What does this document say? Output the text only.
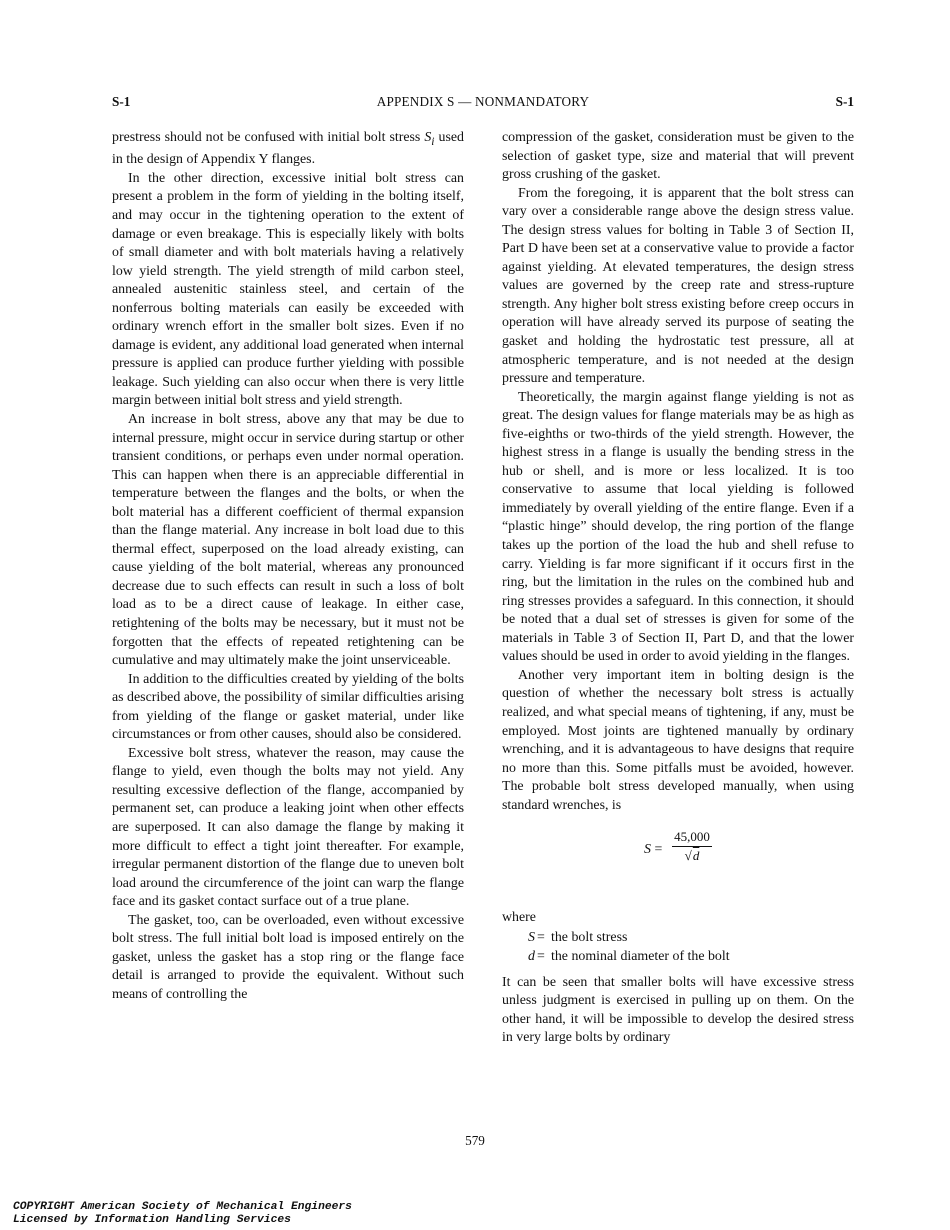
S-1	APPENDIX S — NONMANDATORY	S-1

prestress should not be confused with initial bolt stress $S_i$ used in the design of Appendix Y flanges.

In the other direction, excessive initial bolt stress can present a problem in the form of yielding in the bolting itself, and may occur in the tightening operation to the extent of damage or even breakage. This is especially likely with bolts of small diameter and with bolt materials having a relatively low yield strength. The yield strength of mild carbon steel, annealed austenitic stainless steel, and certain of the nonferrous bolting materials can easily be exceeded with ordinary wrench effort in the smaller bolt sizes. Even if no damage is evident, any additional load generated when internal pressure is applied can produce further yielding with possible leakage. Such yielding can also occur when there is very little margin between initial bolt stress and yield strength.

An increase in bolt stress, above any that may be due to internal pressure, might occur in service during startup or other transient conditions, or perhaps even under normal operation. This can happen when there is an appreciable differential in temperature between the flanges and the bolts, or when the bolt material has a different coefficient of thermal expansion than the flange material. Any increase in bolt load due to this thermal effect, superposed on the load already existing, can cause yielding of the bolt material, whereas any pronounced decrease due to such effects can result in such a loss of bolt load as to be a direct cause of leakage. In either case, retightening of the bolts may be necessary, but it must not be forgotten that the effects of repeated retightening can be cumulative and may ultimately make the joint unserviceable.

In addition to the difficulties created by yielding of the bolts as described above, the possibility of similar difficulties arising from yielding of the flange or gasket material, under like circumstances or from other causes, should also be considered.

Excessive bolt stress, whatever the reason, may cause the flange to yield, even though the bolts may not yield. Any resulting excessive deflection of the flange, accompanied by permanent set, can produce a leaking joint when other effects are superposed. It can also damage the flange by making it more difficult to effect a tight joint thereafter. For example, irregular permanent distortion of the flange due to uneven bolt load around the circumference of the joint can warp the flange face and its gasket contact surface out of a true plane.

The gasket, too, can be overloaded, even without excessive bolt stress. The full initial bolt load is imposed entirely on the gasket, unless the gasket has a stop ring or the flange face detail is arranged to provide the equivalent. Without such means of controlling the

compression of the gasket, consideration must be given to the selection of gasket type, size and material that will prevent gross crushing of the gasket.

From the foregoing, it is apparent that the bolt stress can vary over a considerable range above the design stress value. The design stress values for bolting in Table 3 of Section II, Part D have been set at a conservative value to provide a factor against yielding. At elevated temperatures, the design stress values are governed by the creep rate and stress-rupture strength. Any higher bolt stress existing before creep occurs in operation will have already served its purpose of seating the gasket and holding the hydrostatic test pressure, all at atmospheric temperature, and is not needed at the design pressure and temperature.

Theoretically, the margin against flange yielding is not as great. The design values for flange materials may be as high as five-eighths or two-thirds of the yield strength. However, the highest stress in a flange is usually the bending stress in the hub or shell, and is more or less localized. It is too conservative to assume that local yielding is followed immediately by overall yielding of the entire flange. Even if a “plastic hinge” should develop, the ring portion of the flange takes up the portion of the load the hub and shell refuse to carry. Yielding is far more significant if it occurs first in the ring, but the limitation in the rules on the combined hub and ring stresses provides a safeguard. In this connection, it should be noted that a dual set of stresses is given for some of the materials in Table 3 of Section II, Part D, and that the lower values should be used in order to avoid yielding in the flanges.

Another very important item in bolting design is the question of whether the necessary bolt stress is actually realized, and what special means of tightening, if any, must be employed. Most joints are tightened manually by ordinary wrenching, and it is advantageous to have designs that require no more than this. Some pitfalls must be avoided, however. The probable bolt stress developed manually, when using standard wrenches, is

$S = \frac{45,000}{√d}$

where

S = the bolt stress
d = the nominal diameter of the bolt

It can be seen that smaller bolts will have excessive stress unless judgment is exercised in pulling up on them. On the other hand, it will be impossible to develop the desired stress in very large bolts by ordinary

579
COPYRIGHT American Society of Mechanical Engineers
Licensed by Information Handling Services
